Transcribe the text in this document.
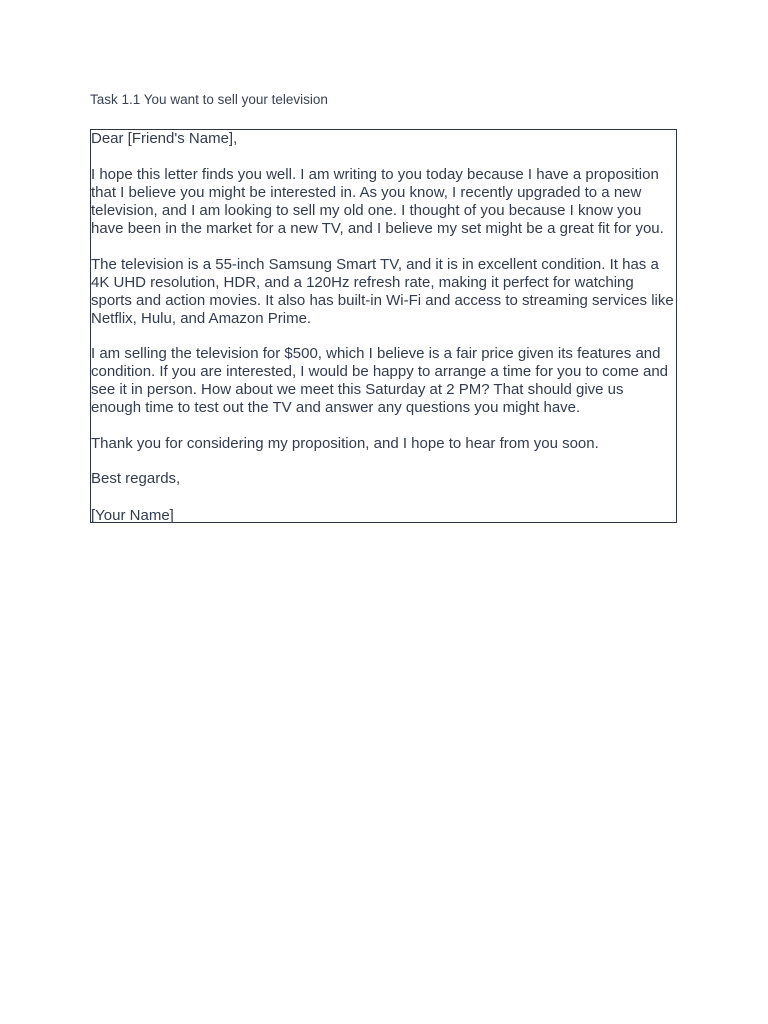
Task 1.1 You want to sell your television
Dear [Friend's Name],
I hope this letter finds you well. I am writing to you today because I have a proposition
that I believe you might be interested in. As you know, I recently upgraded to a new
television, and I am looking to sell my old one. I thought of you because I know you
have been in the market for a new TV, and I believe my set might be a great fit for you.
The television is a 55-inch Samsung Smart TV, and it is in excellent condition. It has a
4K UHD resolution, HDR, and a 120Hz refresh rate, making it perfect for watching
sports and action movies. It also has built-in Wi-Fi and access to streaming services like
Netflix, Hulu, and Amazon Prime.
I am selling the television for $500, which I believe is a fair price given its features and
condition. If you are interested, I would be happy to arrange a time for you to come and
see it in person. How about we meet this Saturday at 2 PM? That should give us
enough time to test out the TV and answer any questions you might have.
Thank you for considering my proposition, and I hope to hear from you soon.
Best regards,
[Your Name]
